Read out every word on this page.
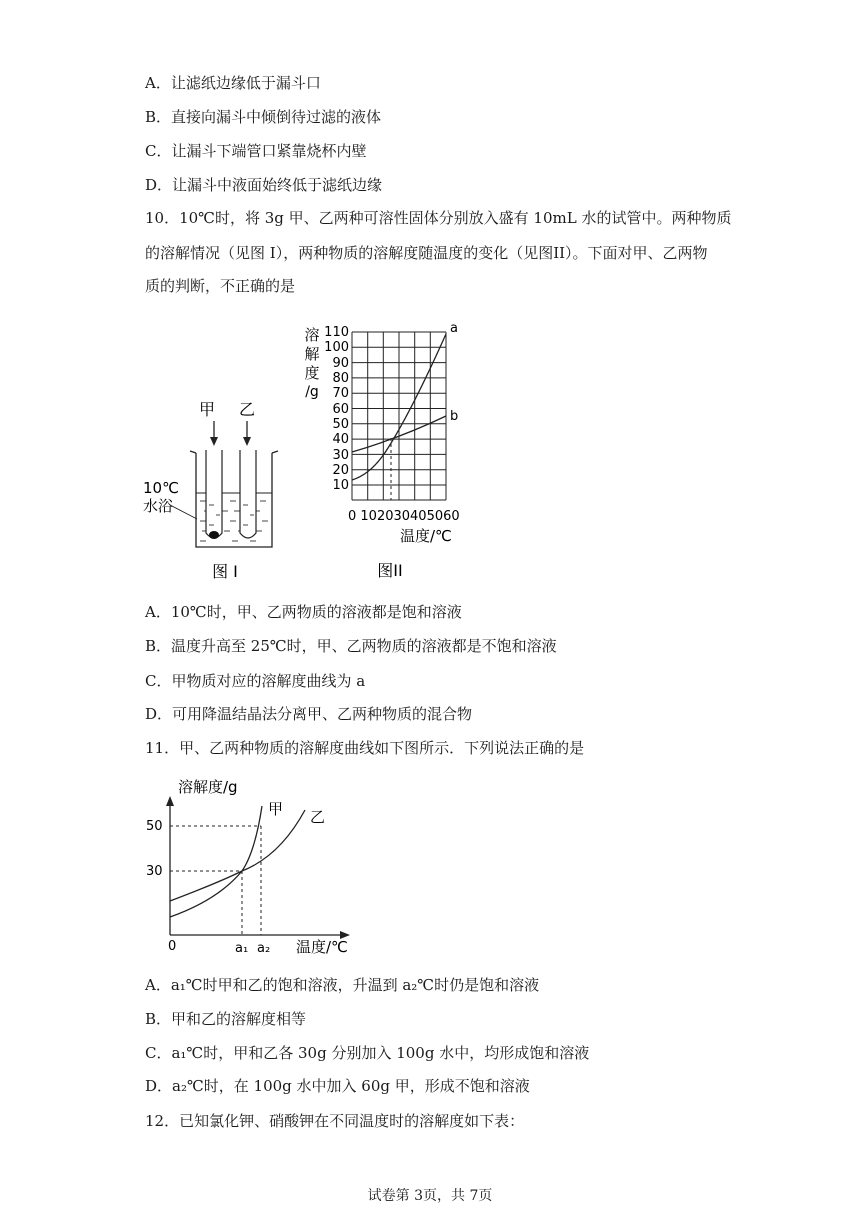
A．让滤纸边缘低于漏斗口
B．直接向漏斗中倾倒待过滤的液体
C．让漏斗下端管口紧靠烧杯内壁
D．让漏斗中液面始终低于滤纸边缘
10．10℃时，将 3g 甲、乙两种可溶性固体分别放入盛有 10mL 水的试管中。两种物质
的溶解情况（见图 I），两种物质的溶解度随温度的变化（见图II）。下面对甲、乙两物
质的判断，不正确的是
甲 乙
10℃
水浴
图 I
溶
解
度
/g
110
100
90
80
70
60
50
40
30
20
10
0 102030405060
温度/℃
a
b
图II
A．10℃时，甲、乙两物质的溶液都是饱和溶液
B．温度升高至 25℃时，甲、乙两物质的溶液都是不饱和溶液
C．甲物质对应的溶解度曲线为 a
D．可用降温结晶法分离甲、乙两种物质的混合物
11．甲、乙两种物质的溶解度曲线如下图所示．下列说法正确的是
溶解度/g
甲 乙
50
30
0	a₁ a₂ 温度/℃
A．a₁℃时甲和乙的饱和溶液，升温到 a₂℃时仍是饱和溶液
B．甲和乙的溶解度相等
C．a₁℃时，甲和乙各 30g 分别加入 100g 水中，均形成饱和溶液
D．a₂℃时，在 100g 水中加入 60g 甲，形成不饱和溶液
12．已知氯化钾、硝酸钾在不同温度时的溶解度如下表：
试卷第 3页，共 7页
